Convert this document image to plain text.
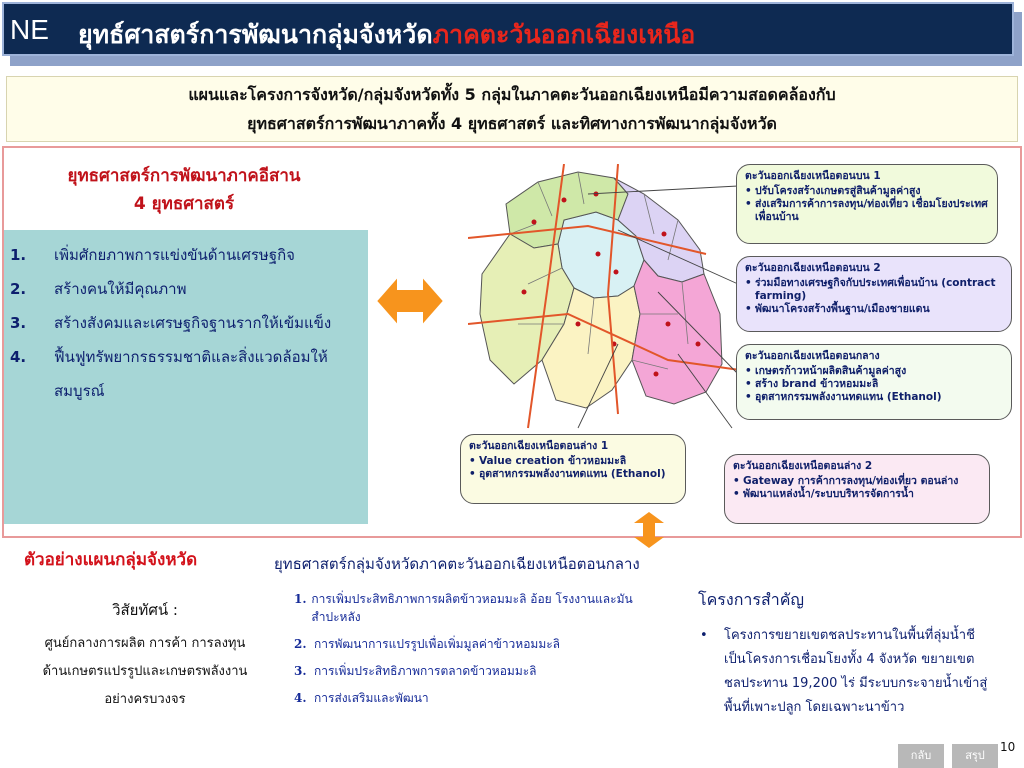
NE ยุทธ์ศาสตร์การพัฒนากลุ่มจังหวัดภาคตะวันออกเฉียงเหนือ
แผนและโครงการจังหวัด/กลุ่มจังหวัดทั้ง 5 กลุ่มในภาคตะวันออกเฉียงเหนือมีความสอดคล้องกับ
ยุทธศาสตร์การพัฒนาภาคทั้ง 4 ยุทธศาสตร์ และทิศทางการพัฒนากลุ่มจังหวัด
ยุทธศาสตร์การพัฒนาภาคอีสาน
4 ยุทธศาสตร์
1.	เพิ่มศักยภาพการแข่งขันด้านเศรษฐกิจ
2.	สร้างคนให้มีคุณภาพ
3.	สร้างสังคมและเศรษฐกิจฐานรากให้เข้มแข็ง
4.	ฟื้นฟูทรัพยากรธรรมชาติและสิ่งแวดล้อมให้สมบูรณ์
ตะวันออกเฉียงเหนือตอนบน 1
• ปรับโครงสร้างเกษตรสู่สินค้ามูลค่าสูง
• ส่งเสริมการค้าการลงทุน/ท่องเที่ยว เชื่อมโยงประเทศเพื่อนบ้าน
ตะวันออกเฉียงเหนือตอนบน 2
• ร่วมมือทางเศรษฐกิจกับประเทศเพื่อนบ้าน (contract farming)
• พัฒนาโครงสร้างพื้นฐาน/เมืองชายแดน
ตะวันออกเฉียงเหนือตอนกลาง
• เกษตรก้าวหน้าผลิตสินค้ามูลค่าสูง
• สร้าง brand ข้าวหอมมะลิ
• อุตสาหกรรมพลังงานทดแทน (Ethanol)
ตะวันออกเฉียงเหนือตอนล่าง 1
• Value creation ข้าวหอมมะลิ
• อุตสาหกรรมพลังงานทดแทน (Ethanol)
ตะวันออกเฉียงเหนือตอนล่าง 2
• Gateway การค้าการลงทุน/ท่องเที่ยว ตอนล่าง
• พัฒนาแหล่งน้ำ/ระบบบริหารจัดการน้ำ
ตัวอย่างแผนกลุ่มจังหวัด	ยุทธศาสตร์กลุ่มจังหวัดภาคตะวันออกเฉียงเหนือตอนกลาง
วิสัยทัศน์ :
ศูนย์กลางการผลิต การค้า การลงทุน
ด้านเกษตรแปรรูปและเกษตรพลังงาน
อย่างครบวงจร
1. การเพิ่มประสิทธิภาพการผลิตข้าวหอมมะลิ อ้อย โรงงานและมันสำปะหลัง
2. การพัฒนาการแปรรูปเพื่อเพิ่มมูลค่าข้าวหอมมะลิ
3. การเพิ่มประสิทธิภาพการตลาดข้าวหอมมะลิ
4. การส่งเสริมและพัฒนา
โครงการสำคัญ
•	โครงการขยายเขตชลประทานในพื้นที่ลุ่มน้ำชี เป็นโครงการเชื่อมโยงทั้ง 4 จังหวัด ขยายเขตชลประทาน 19,200 ไร่ มีระบบกระจายน้ำเข้าสู่พื้นที่เพาะปลูก โดยเฉพาะนาข้าว
กลับ	สรุป
10
